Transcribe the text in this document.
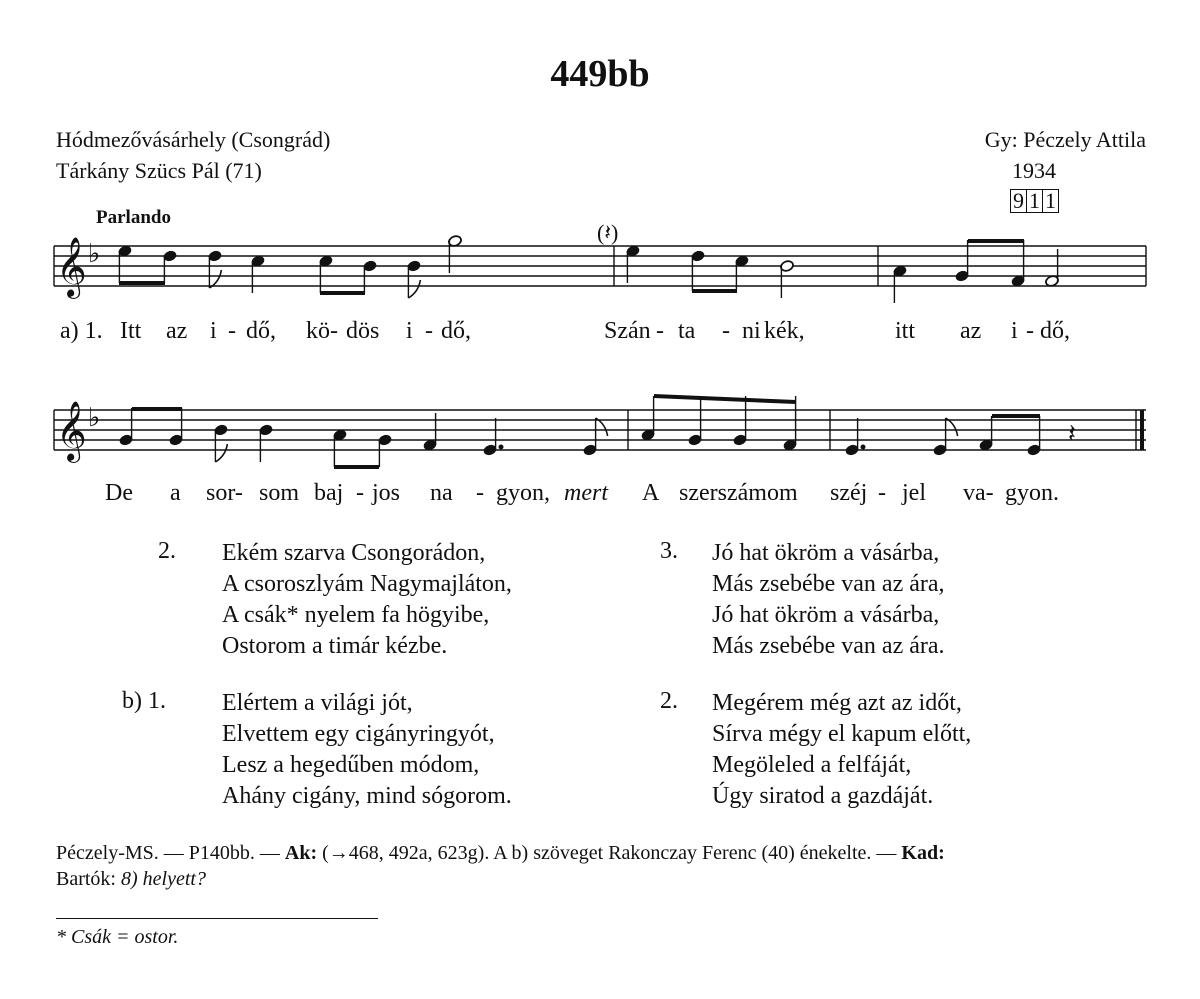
449bb
Hódmezővásárhely (Csongrád)
Tárkány Szücs Pál (71)
Gy: Péczely Attila
1934
9 1 1
Parlando
(𝄽)
𝄞 ♭
𝄞 ♭
𝄽
a) 1. Itt az i - dő, kö- dös i - dő,	Szán - ta - ni kék,	itt az i - dő,
De a sor- som baj - jos na - gyon, mert A szerszámom széj - jel va- gyon.
2. Ekém szarva Csongorádon,
A csoroszlyám Nagymajláton,
A csák* nyelem fa högyibe,
Ostorom a timár kézbe.
3. Jó hat ökröm a vásárba,
Más zsebébe van az ára,
Jó hat ökröm a vásárba,
Más zsebébe van az ára.
b) 1. Elértem a világi jót,
Elvettem egy cigányringyót,
Lesz a hegedűben módom,
Ahány cigány, mind sógorom.
2. Megérem még azt az időt,
Sírva mégy el kapum előtt,
Megöleled a felfáját,
Úgy siratod a gazdáját.
Péczely-MS. — P140bb. — Ak: (→468, 492a, 623g). A b) szöveget Rakonczay Ferenc (40) énekelte. — Kad:
Bartók: 8) helyett?
* Csák = ostor.
